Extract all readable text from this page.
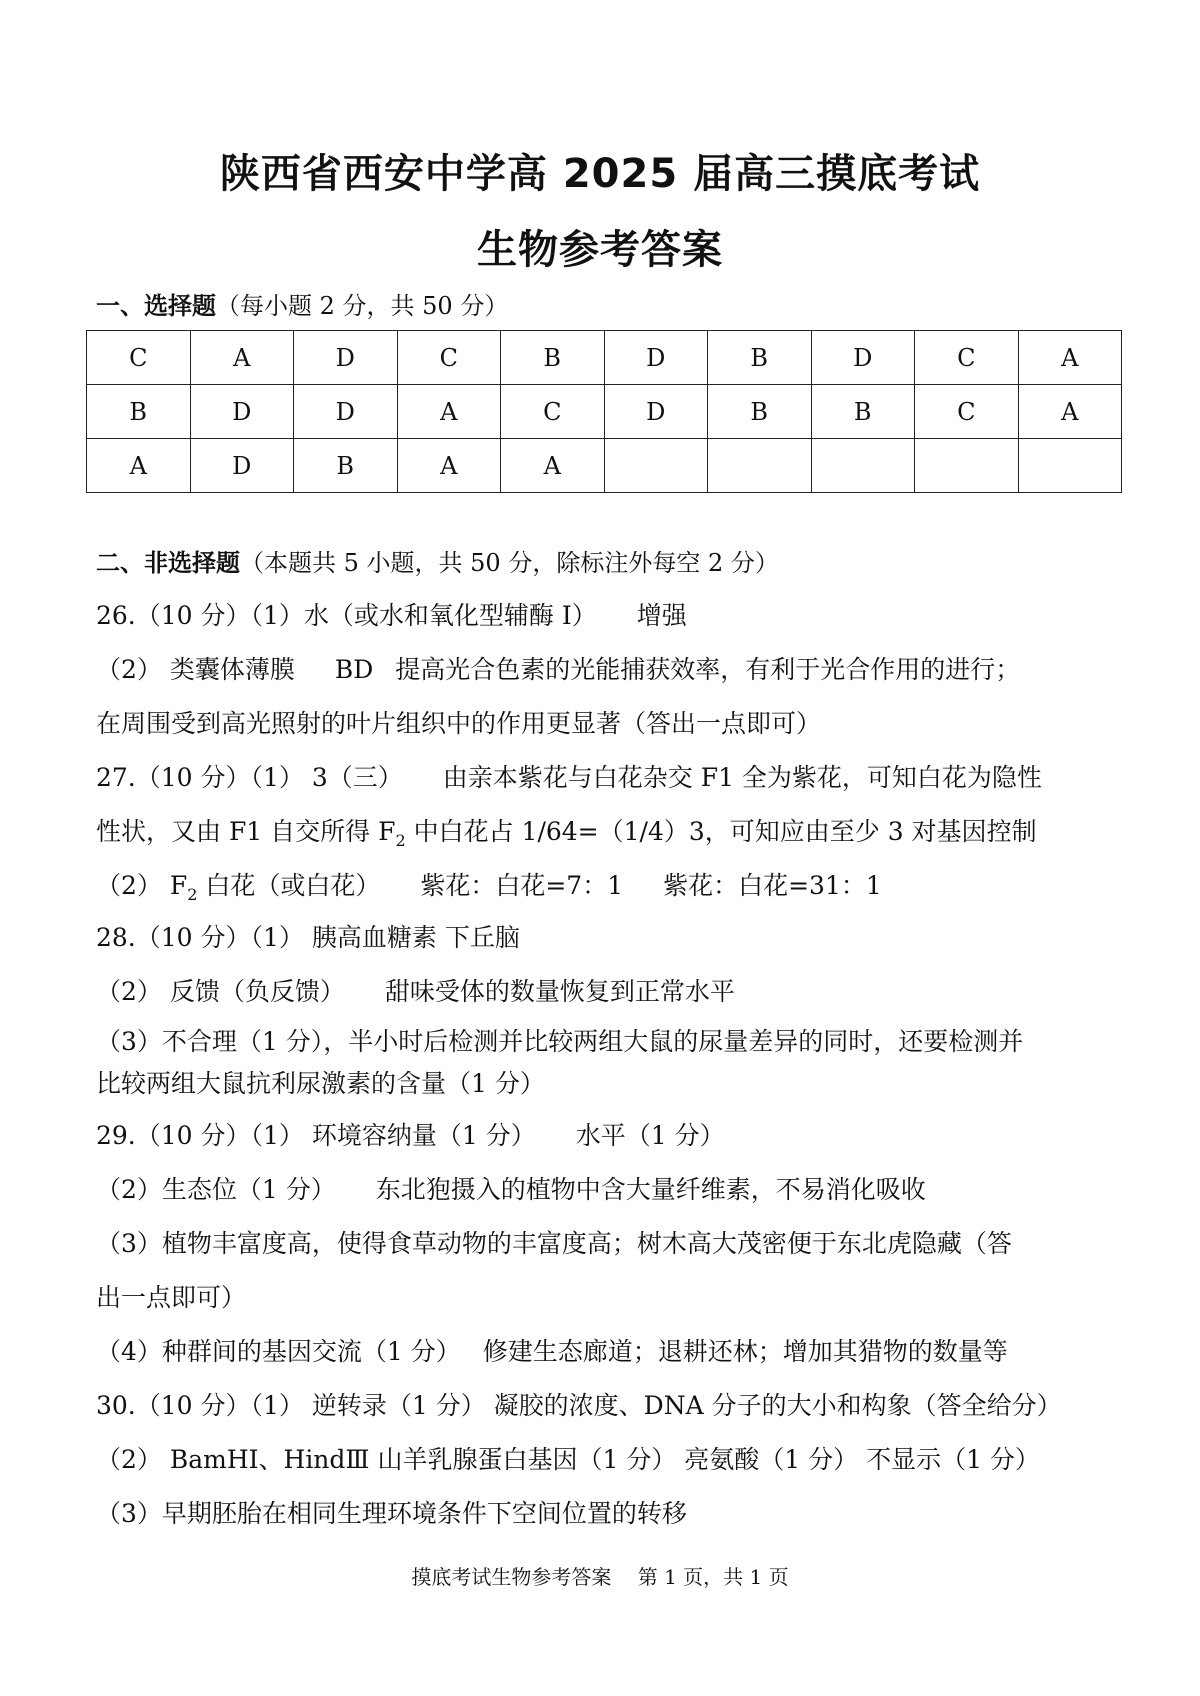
陕西省西安中学高 2025 届高三摸底考试
生物参考答案

一、选择题（每小题 2 分，共 50 分）

C	A	D	C	B	D	B	D	C	A
B	D	D	A	C	D	B	B	C	A
A	D	B	A	A					

二、非选择题（本题共 5 小题，共 50 分，除标注外每空 2 分）

26.（10 分）（1）水（或水和氧化型辅酶 I） 增强

（2） 类囊体薄膜 BD 提高光合色素的光能捕获效率，有利于光合作用的进行；

在周围受到高光照射的叶片组织中的作用更显著（答出一点即可）

27.（10 分）（1） 3（三） 由亲本紫花与白花杂交 F1 全为紫花，可知白花为隐性

性状，又由 F1 自交所得 $F_2$ 中白花占 1/64=（1/4）3，可知应由至少 3 对基因控制

（2） $F_2$ 白花（或白花） 紫花：白花=7：1 紫花：白花=31：1

28.（10 分）（1） 胰高血糖素 下丘脑

（2） 反馈（负反馈） 甜味受体的数量恢复到正常水平

（3）不合理（1 分），半小时后检测并比较两组大鼠的尿量差异的同时，还要检测并

比较两组大鼠抗利尿激素的含量（1 分）

29.（10 分）（1） 环境容纳量（1 分） 水平（1 分）

（2）生态位（1 分） 东北狍摄入的植物中含大量纤维素，不易消化吸收

（3）植物丰富度高，使得食草动物的丰富度高；树木高大茂密便于东北虎隐藏（答

出一点即可）

（4）种群间的基因交流（1 分） 修建生态廊道；退耕还林；增加其猎物的数量等

30.（10 分）（1） 逆转录（1 分） 凝胶的浓度、DNA 分子的大小和构象（答全给分）

（2） BamHⅠ、HindⅢ 山羊乳腺蛋白基因（1 分） 亮氨酸（1 分） 不显示（1 分）

（3）早期胚胎在相同生理环境条件下空间位置的转移

摸底考试生物参考答案　 第 1 页，共 1 页
